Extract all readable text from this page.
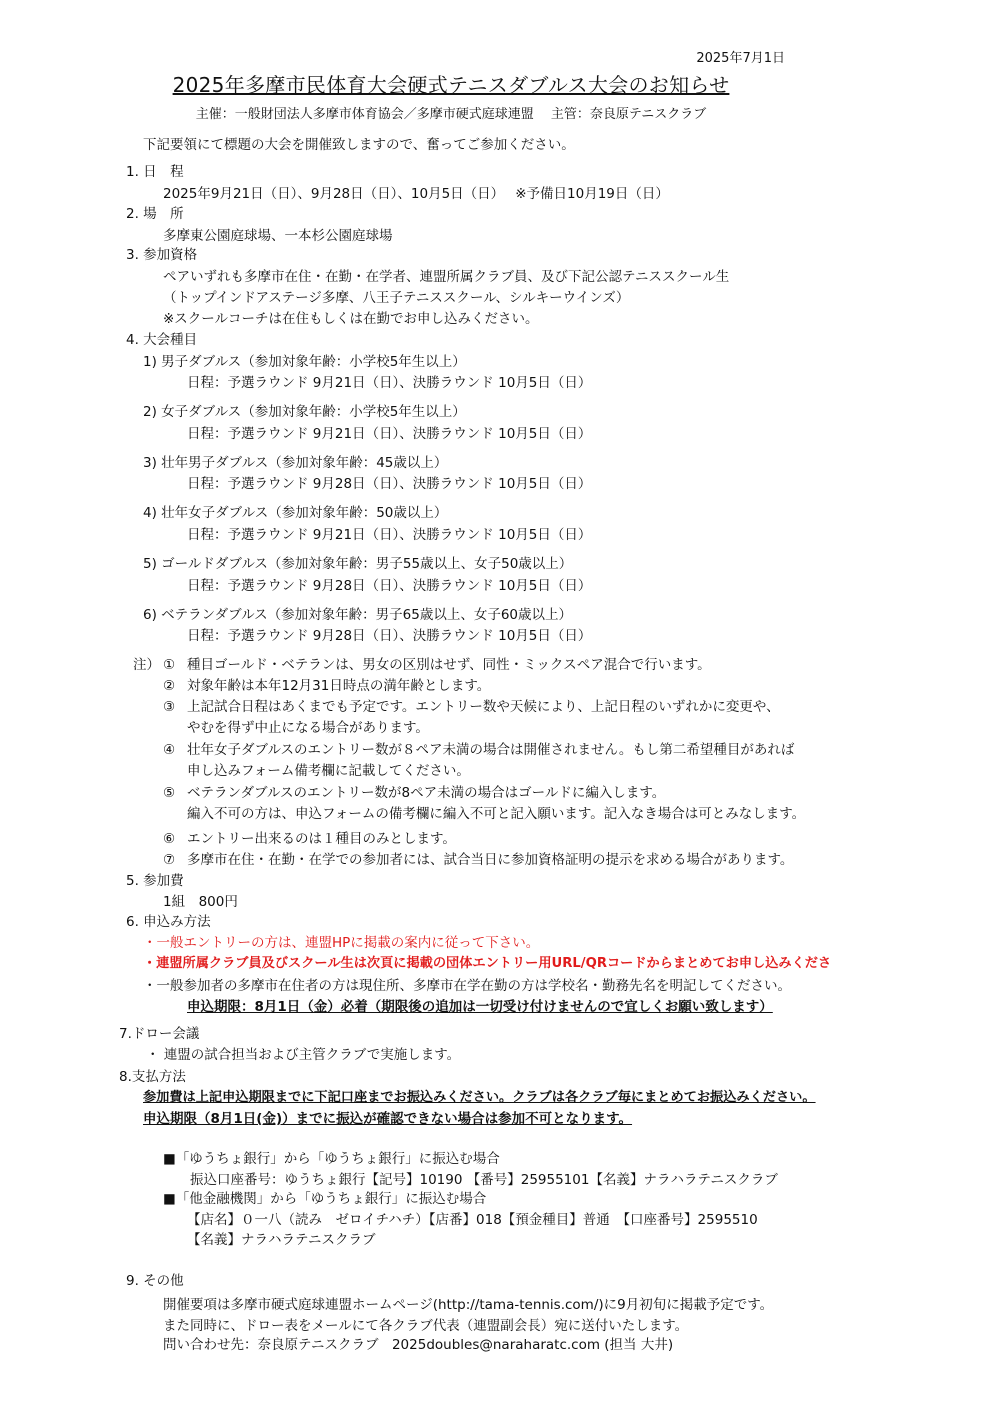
2025年7月1日
2025年多摩市民体育大会硬式テニスダブルス大会のお知らせ
主催：一般財団法人多摩市体育協会／多摩市硬式庭球連盟　 主管：奈良原テニスクラブ
下記要領にて標題の大会を開催致しますので、奮ってご参加ください。
1. 日　程
2025年9月21日（日）、9月28日（日）、10月5日（日）　 ※予備日10月19日（日）
2. 場　所
多摩東公園庭球場、一本杉公園庭球場
3. 参加資格
ペアいずれも多摩市在住・在勤・在学者、連盟所属クラブ員、及び下記公認テニススクール生
（トップインドアステージ多摩、八王子テニススクール、シルキーウインズ）
※スクールコーチは在住もしくは在勤でお申し込みください。
4. 大会種目
1) 男子ダブルス（参加対象年齢：小学校5年生以上）
日程：予選ラウンド 9月21日（日）、決勝ラウンド 10月5日（日）
2) 女子ダブルス（参加対象年齢：小学校5年生以上）
日程：予選ラウンド 9月21日（日）、決勝ラウンド 10月5日（日）
3) 壮年男子ダブルス（参加対象年齢：45歳以上）
日程：予選ラウンド 9月28日（日）、決勝ラウンド 10月5日（日）
4) 壮年女子ダブルス（参加対象年齢：50歳以上）
日程：予選ラウンド 9月21日（日）、決勝ラウンド 10月5日（日）
5) ゴールドダブルス（参加対象年齢：男子55歳以上、女子50歳以上）
日程：予選ラウンド 9月28日（日）、決勝ラウンド 10月5日（日）
6) ベテランダブルス（参加対象年齢：男子65歳以上、女子60歳以上）
日程：予選ラウンド 9月28日（日）、決勝ラウンド 10月5日（日）
注） ① 種目ゴールド・ベテランは、男女の区別はせず、同性・ミックスペア混合で行います。
② 対象年齢は本年12月31日時点の満年齢とします。
③ 上記試合日程はあくまでも予定です。エントリー数や天候により、上記日程のいずれかに変更や、
やむを得ず中止になる場合があります。
④ 壮年女子ダブルスのエントリー数が８ペア未満の場合は開催されません。もし第二希望種目があれば
申し込みフォーム備考欄に記載してください。
⑤ ベテランダブルスのエントリー数が8ペア未満の場合はゴールドに編入します。
編入不可の方は、申込フォームの備考欄に編入不可と記入願います。記入なき場合は可とみなします。
⑥ エントリー出来るのは１種目のみとします。
⑦ 多摩市在住・在勤・在学での参加者には、試合当日に参加資格証明の提示を求める場合があります。
5. 参加費
1組　800円
6. 申込み方法
・一般エントリーの方は、連盟HPに掲載の案内に従って下さい。
・連盟所属クラブ員及びスクール生は次頁に掲載の団体エントリー用URL/QRコードからまとめてお申し込みくださ
・一般参加者の多摩市在住者の方は現住所、多摩市在学在勤の方は学校名・勤務先名を明記してください。
申込期限：8月1日（金）必着（期限後の追加は一切受け付けませんので宜しくお願い致します）
7.ドロー会議
・ 連盟の試合担当および主管クラブで実施します。
8.支払方法
参加費は上記申込期限までに下記口座までお振込みください。クラブは各クラブ毎にまとめてお振込みください。
申込期限（8月1日(金)）までに振込が確認できない場合は参加不可となります。
■「ゆうちょ銀行」から「ゆうちょ銀行」に振込む場合
振込口座番号：ゆうちょ銀行【記号】10190 【番号】25955101【名義】ナラハラテニスクラブ
■「他金融機関」から「ゆうちょ銀行」に振込む場合
【店名】０一八（読み　ゼロイチハチ）【店番】018【預金種目】普通　【口座番号】2595510
【名義】ナラハラテニスクラブ
9. その他
開催要項は多摩市硬式庭球連盟ホームページ(http://tama-tennis.com/)に9月初旬に掲載予定です。
また同時に、ドロー表をメールにて各クラブ代表（連盟副会長）宛に送付いたします。
問い合わせ先：奈良原テニスクラブ　2025doubles@naraharatc.com (担当 大井)
